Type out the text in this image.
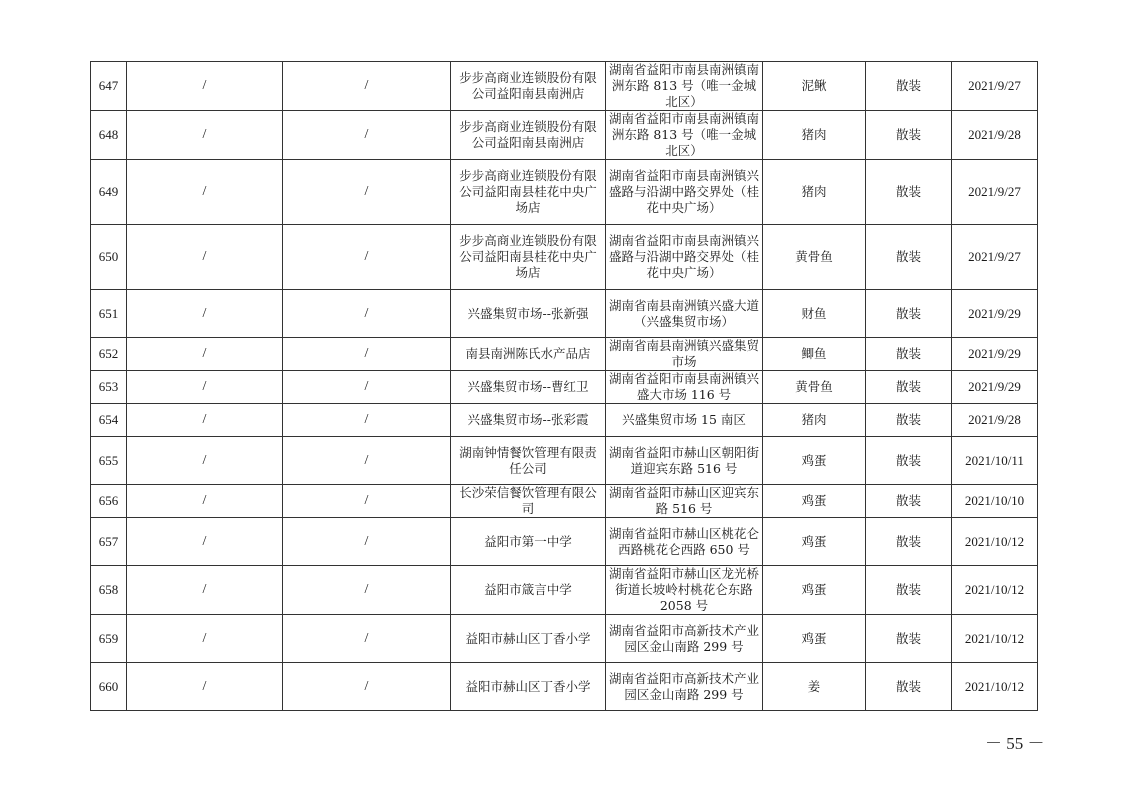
647	/	/	步步高商业连锁股份有限公司益阳南县南洲店	湖南省益阳市南县南洲镇南洲东路 813 号（唯一金城北区）	泥鳅	散装	2021/9/27
648	/	/	步步高商业连锁股份有限公司益阳南县南洲店	湖南省益阳市南县南洲镇南洲东路 813 号（唯一金城北区）	猪肉	散装	2021/9/28
649	/	/	步步高商业连锁股份有限公司益阳南县桂花中央广场店	湖南省益阳市南县南洲镇兴盛路与沿湖中路交界处（桂花中央广场）	猪肉	散装	2021/9/27
650	/	/	步步高商业连锁股份有限公司益阳南县桂花中央广场店	湖南省益阳市南县南洲镇兴盛路与沿湖中路交界处（桂花中央广场）	黄骨鱼	散装	2021/9/27
651	/	/	兴盛集贸市场--张新强	湖南省南县南洲镇兴盛大道（兴盛集贸市场）	财鱼	散装	2021/9/29
652	/	/	南县南洲陈氏水产品店	湖南省南县南洲镇兴盛集贸市场	鲫鱼	散装	2021/9/29
653	/	/	兴盛集贸市场--曹红卫	湖南省益阳市南县南洲镇兴盛大市场 116 号	黄骨鱼	散装	2021/9/29
654	/	/	兴盛集贸市场--张彩霞	兴盛集贸市场 15 南区	猪肉	散装	2021/9/28
655	/	/	湖南钟情餐饮管理有限责任公司	湖南省益阳市赫山区朝阳街道迎宾东路 516 号	鸡蛋	散装	2021/10/11
656	/	/	长沙荣信餐饮管理有限公司	湖南省益阳市赫山区迎宾东路 516 号	鸡蛋	散装	2021/10/10
657	/	/	益阳市第一中学	湖南省益阳市赫山区桃花仑西路桃花仑西路 650 号	鸡蛋	散装	2021/10/12
658	/	/	益阳市箴言中学	湖南省益阳市赫山区龙光桥街道长坡岭村桃花仑东路 2058 号	鸡蛋	散装	2021/10/12
659	/	/	益阳市赫山区丁香小学	湖南省益阳市高新技术产业园区金山南路 299 号	鸡蛋	散装	2021/10/12
660	/	/	益阳市赫山区丁香小学	湖南省益阳市高新技术产业园区金山南路 299 号	姜	散装	2021/10/12
－ 55 －
